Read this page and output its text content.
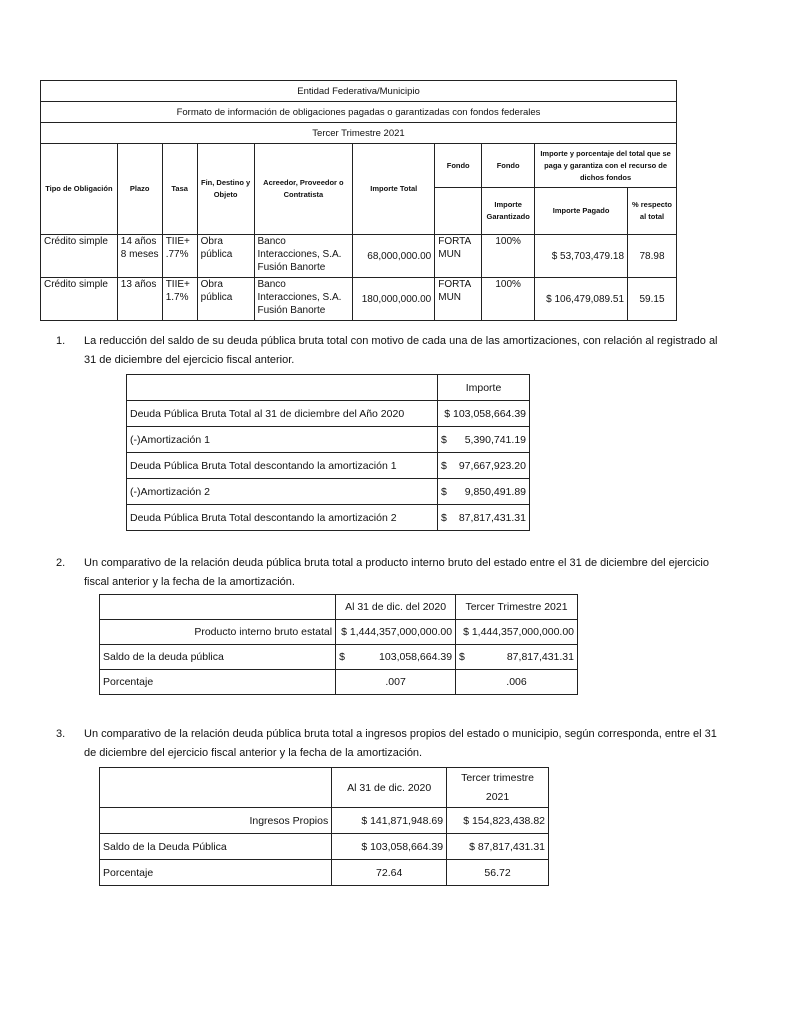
Entidad Federativa/Municipio									
Formato de información de obligaciones pagadas o garantizadas con fondos federales									
Tercer Trimestre 2021									
Tipo de Obligación	Plazo	Tasa	Fin, Destino y Objeto	Acreedor, Proveedor o Contratista	Importe Total	Fondo	Fondo	Importe y porcentaje del total que se paga y garantiza con el recurso de dichos fondos	
							Importe Garantizado	Importe Pagado	% respecto al total
Crédito simple	14 años 8 meses	TIIE+ .77%	Obra pública	Banco Interacciones, S.A. Fusión Banorte	68,000,000.00	FORTA MUN	100%	$ 53,703,479.18	78.98
Crédito simple	13 años	TIIE+ 1.7%	Obra pública	Banco Interacciones, S.A. Fusión Banorte	180,000,000.00	FORTA MUN	100%	$ 106,479,089.51	59.15
1. La reducción del saldo de su deuda pública bruta total con motivo de cada una de las amortizaciones, con relación al registrado al
31 de diciembre del ejercicio fiscal anterior.
	Importe
Deuda Pública Bruta Total al 31 de diciembre del Año 2020	$ 103,058,664.39
(-)Amortización 1	$ 5,390,741.19

Deuda Pública Bruta Total descontando la amortización 1	$ 97,667,923.20

(-)Amortización 2	$ 9,850,491.89

Deuda Pública Bruta Total descontando la amortización 2	$ 87,817,431.31
2. Un comparativo de la relación deuda pública bruta total a producto interno bruto del estado entre el 31 de diciembre del ejercicio
fiscal anterior y la fecha de la amortización.
	Al 31 de dic. del 2020	Tercer Trimestre 2021
Producto interno bruto estatal	$ 1,444,357,000,000.00	$ 1,444,357,000,000.00
Saldo de la deuda pública	$ 103,058,664.39	$ 87,817,431.31

Porcentaje	.007	.006
3. Un comparativo de la relación deuda pública bruta total a ingresos propios del estado o municipio, según corresponda, entre el 31
de diciembre del ejercicio fiscal anterior y la fecha de la amortización.
	Al 31 de dic. 2020	Tercer trimestre
2021
Ingresos Propios	$ 141,871,948.69	$ 154,823,438.82
Saldo de la Deuda Pública	$ 103,058,664.39	$ 87,817,431.31
Porcentaje	72.64	56.72
